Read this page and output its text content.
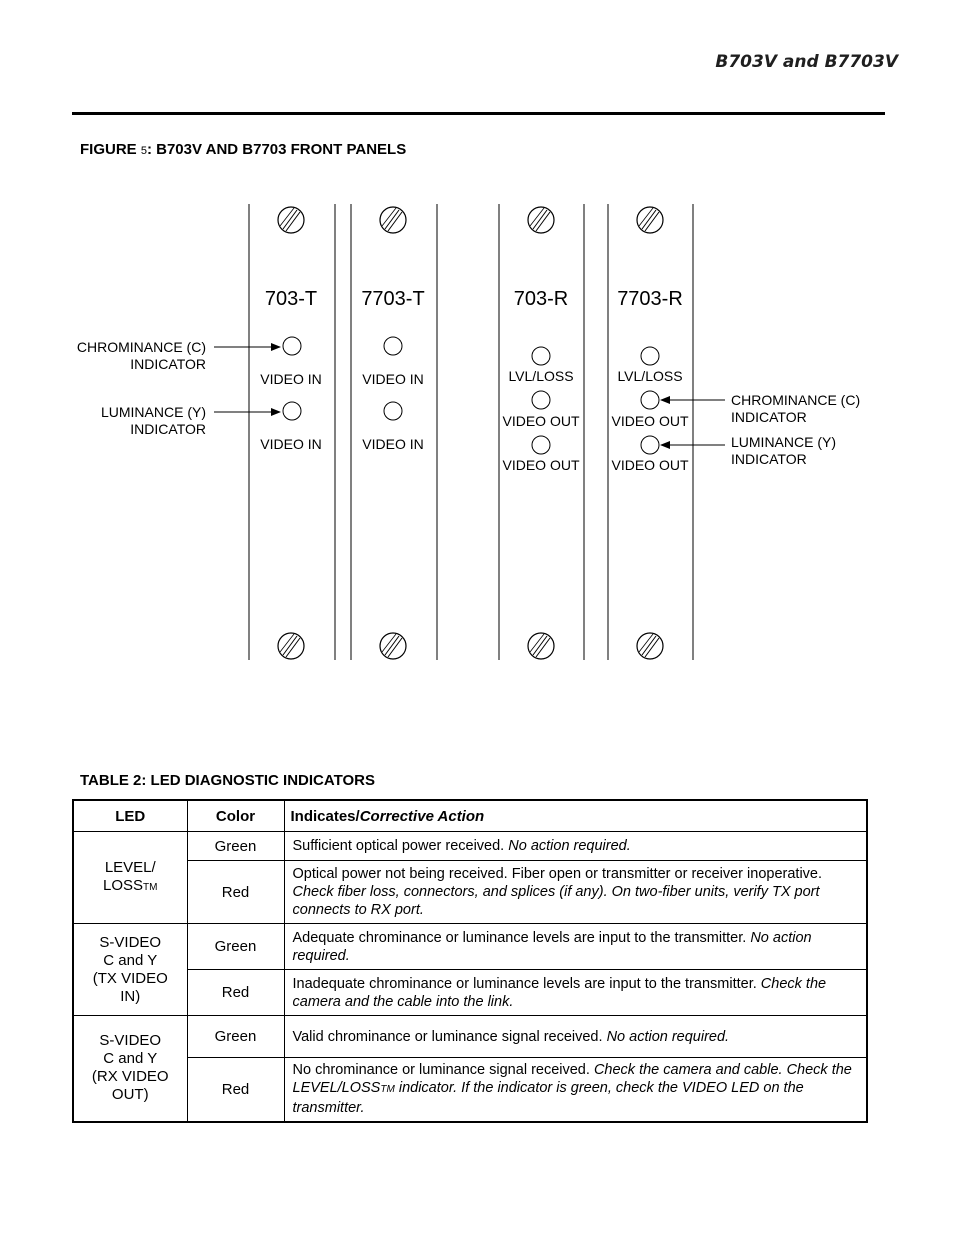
B703V and B7703V
FIGURE 5: B703V AND B7703 FRONT PANELS
703-T
VIDEO IN
VIDEO IN
7703-T
VIDEO IN
VIDEO IN
703-R
LVL/LOSS
VIDEO OUT
VIDEO OUT
7703-R
LVL/LOSS
VIDEO OUT
VIDEO OUT
CHROMINANCE (C)
INDICATOR
LUMINANCE (Y)
INDICATOR
CHROMINANCE (C)
INDICATOR
LUMINANCE (Y)
INDICATOR
TABLE 2: LED DIAGNOSTIC INDICATORS
LED	Color	Indicates/Corrective Action
LEVEL/
LOSSTM	Green	Sufficient optical power received. No action required.
	Red	Optical power not being received. Fiber open or transmitter or receiver inoperative. Check fiber loss, connectors, and splices (if any). On two-fiber units, verify TX port connects to RX port.
S-VIDEO
C and Y
(TX VIDEO
IN)	Green	Adequate chrominance or luminance levels are input to the transmitter. No action required.
	Red	Inadequate chrominance or luminance levels are input to the transmitter. Check the camera and the cable into the link.
S-VIDEO
C and Y
(RX VIDEO
OUT)	Green	Valid chrominance or luminance signal received. No action required.
	Red	No chrominance or luminance signal received. Check the camera and cable. Check the LEVEL/LOSSTM indicator. If the indicator is green, check the VIDEO LED on the transmitter.
